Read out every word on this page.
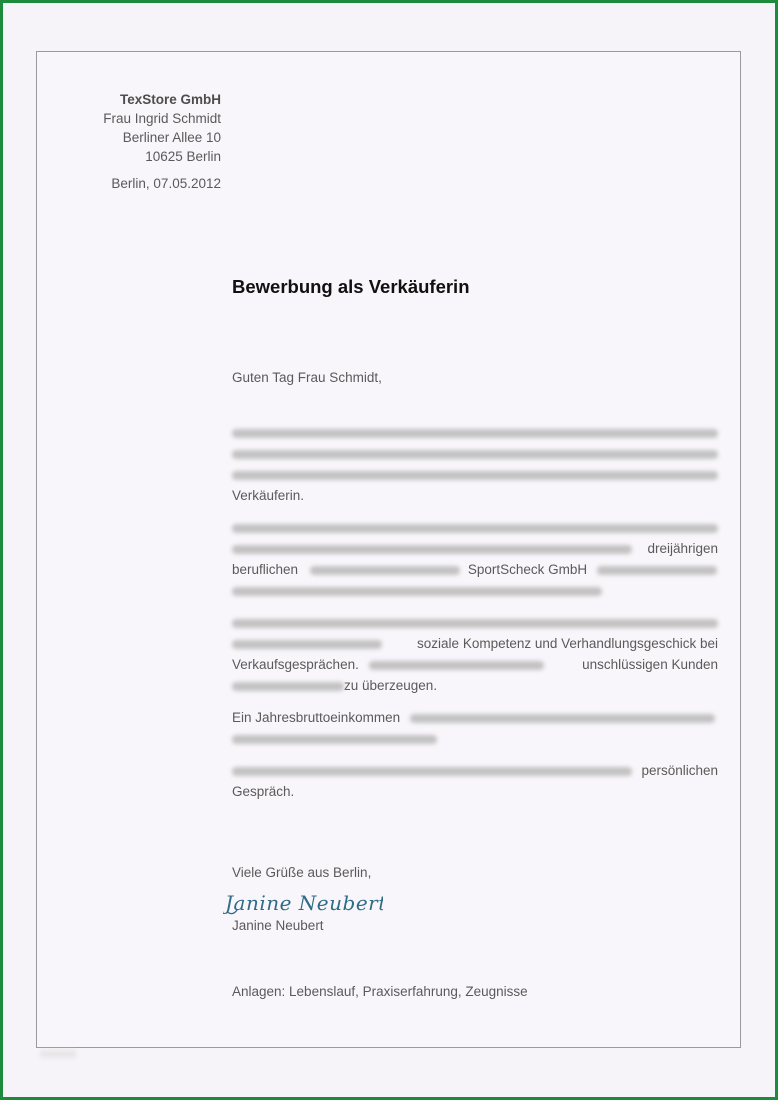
TexStore GmbH
Frau Ingrid Schmidt
Berliner Allee 10
10625 Berlin
Berlin, 07.05.2012
Bewerbung als Verkäuferin
Guten Tag Frau Schmidt,
Verkäuferin.
dreijährigen
beruflichen	SportScheck GmbH
soziale Kompetenz und Verhandlungsgeschick bei
Verkaufsgesprächen.	unschlüssigen Kunden
zu überzeugen.
Ein Jahresbruttoeinkommen
persönlichen
Gespräch.
Viele Grüße aus Berlin,
Janine Neubert
Janine Neubert
Anlagen: Lebenslauf, Praxiserfahrung, Zeugnisse
